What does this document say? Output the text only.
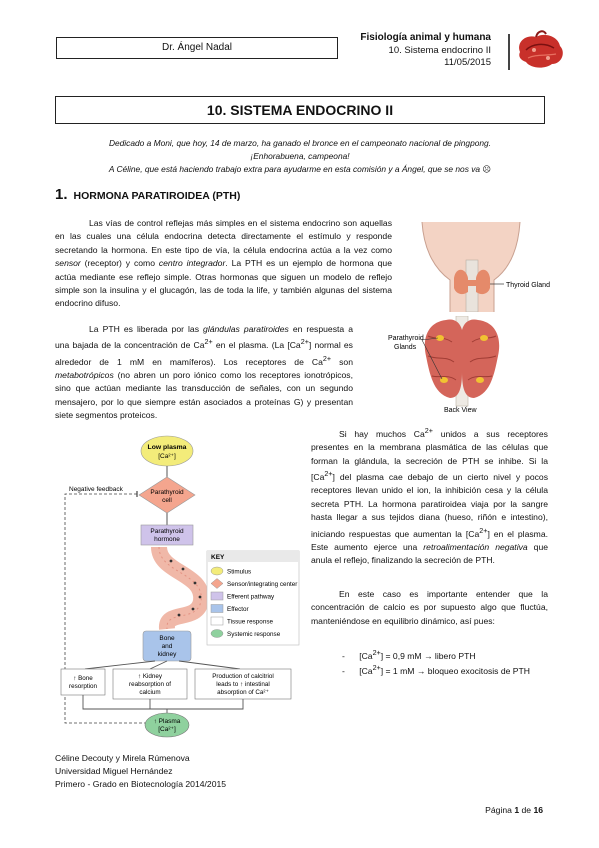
Dr. Ángel Nadal
Fisiología animal y humana
10. Sistema endocrino II
11/05/2015
10. SISTEMA ENDOCRINO II
Dedicado a Moni, que hoy, 14 de marzo, ha ganado el bronce en el campeonato nacional de pingpong.
¡Enhorabuena, campeona!
A Céline, que está haciendo trabajo extra para ayudarme en esta comisión y a Ángel, que se nos va ☹
1. HORMONA PARATIROIDEA (PTH)
Las vías de control reflejas más simples en el sistema endocrino son aquellas en las cuales una célula endocrina detecta directamente el estímulo y responde secretando la hormona. En este tipo de vía, la célula endocrina actúa a la vez como sensor (receptor) y como centro integrador. La PTH es un ejemplo de hormona que actúa mediante ese reflejo simple. Otras hormonas que siguen un modelo de reflejo simple son la insulina y el glucagón, las de toda la life, y también algunas del sistema endocrino difuso.
La PTH es liberada por las glándulas paratiroides en respuesta a una bajada de la concentración de $Ca^{2+}$ en el plasma. (La $[Ca^{2+}]$ normal es alrededor de 1 mM en mamíferos). Los receptores de $Ca^{2+}$ son metabotrópicos (no abren un poro iónico como los receptores ionotrópicos, sino que actúan mediante las transducción de señales, con un segundo mensajero, por lo que siempre están asociados a proteínas G) y presentan siete segmentos proteicos.
Thyroid Gland
Parathyroid
Glands
Back View
Negative feedback
Low plasma
[Ca²⁺]
Parathyroid
cell
Parathyroid
hormone
Bone
and
kidney
↑ Bone
resorption
↑ Kidney
reabsorption of
calcium
Production of calcitriol
leads to ↑ intestinal
absorption of Ca²⁺
↑ Plasma
[Ca²⁺]
KEY
Stimulus
Sensor/integrating center
Efferent pathway
Effector
Tissue response
Systemic response
Si hay muchos $Ca^{2+}$ unidos a sus receptores presentes en la membrana plasmática de las células que forman la glándula, la secreción de PTH se inhibe. Si la $[Ca^{2+}]$ del plasma cae debajo de un cierto nivel y pocos receptores llevan unido el ion, la inhibición cesa y la célula secreta PTH. La hormona paratiroidea viaja por la sangre hasta llegar a sus tejidos diana (hueso, riñón e intestino), iniciando respuestas que aumentan la $[Ca^{2+}]$ en el plasma. Este aumento ejerce una retroalimentación negativa que anula el reflejo, finalizando la secreción de PTH.
En este caso es importante entender que la concentración de calcio es por supuesto algo que fluctúa, manteniéndose en equilibrio dinámico, así pues:
-      $[Ca^{2+}] = 0,9$ mM → libero PTH
-      $[Ca^{2+}] = 1$ mM → bloqueo exocitosis de PTH
Céline Decouty y Mirela Rúmenova
Universidad Miguel Hernández
Primero - Grado en Biotecnología 2014/2015
Página 1 de 16
